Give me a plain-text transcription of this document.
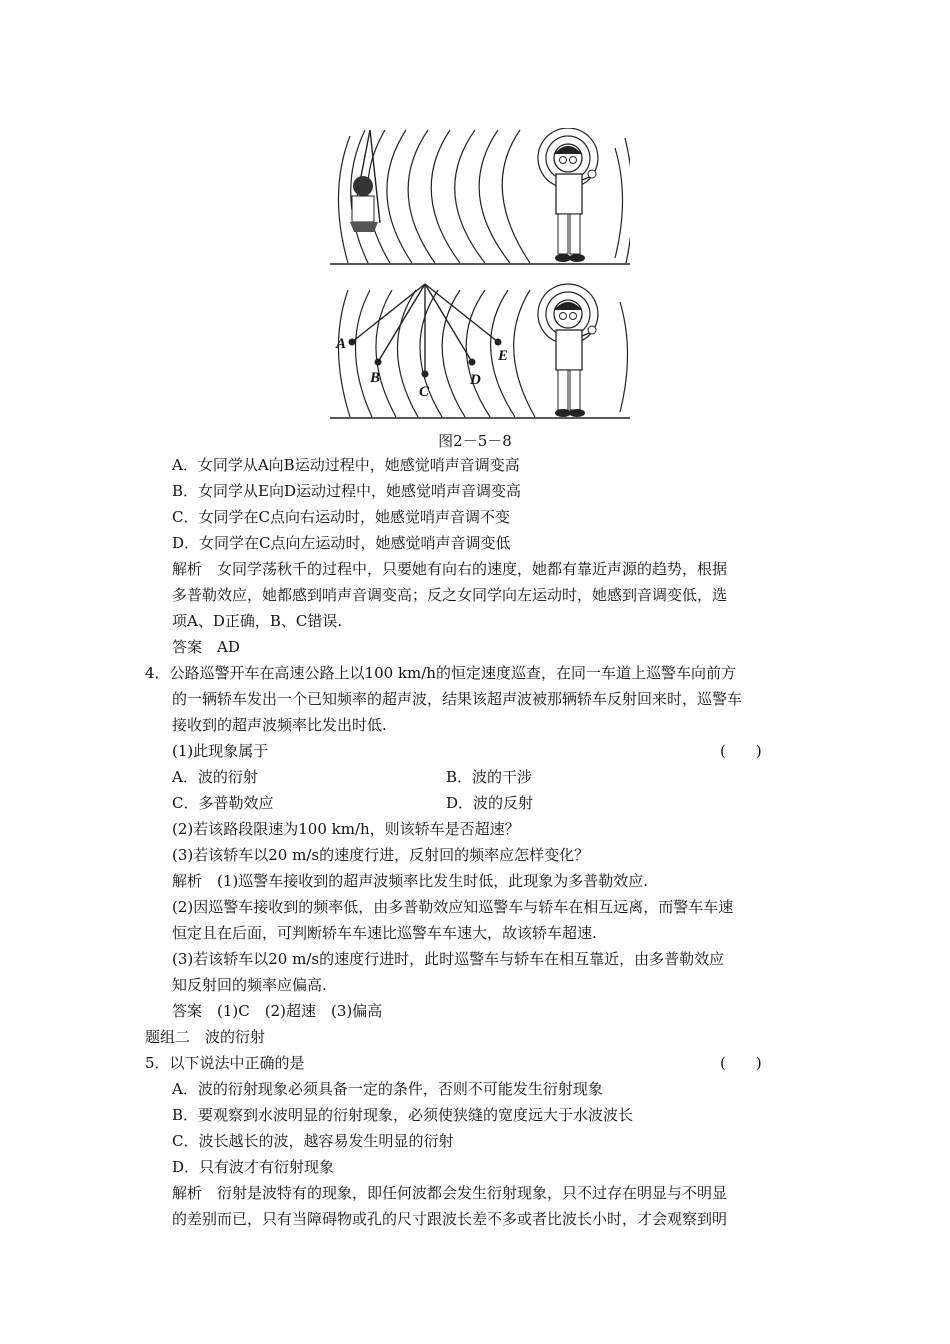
A
B
C
D
E
图2－5－8
A．女同学从A向B运动过程中，她感觉哨声音调变高
B．女同学从E向D运动过程中，她感觉哨声音调变高
C．女同学在C点向右运动时，她感觉哨声音调不变
D．女同学在C点向左运动时，她感觉哨声音调变低
解析　女同学荡秋千的过程中，只要她有向右的速度，她都有靠近声源的趋势，根据
多普勒效应，她都感到哨声音调变高；反之女同学向左运动时，她感到音调变低，选
项A、D正确，B、C错误.
答案　AD
4．公路巡警开车在高速公路上以100 km/h的恒定速度巡查，在同一车道上巡警车向前方
的一辆轿车发出一个已知频率的超声波，结果该超声波被那辆轿车反射回来时，巡警车
接收到的超声波频率比发出时低.
(1)此现象属于	(　　)
A．波的衍射	B．波的干涉
C．多普勒效应	D．波的反射
(2)若该路段限速为100 km/h，则该轿车是否超速？
(3)若该轿车以20 m/s的速度行进，反射回的频率应怎样变化？
解析　(1)巡警车接收到的超声波频率比发生时低，此现象为多普勒效应.
(2)因巡警车接收到的频率低，由多普勒效应知巡警车与轿车在相互远离，而警车车速
恒定且在后面，可判断轿车车速比巡警车车速大，故该轿车超速.
(3)若该轿车以20 m/s的速度行进时，此时巡警车与轿车在相互靠近，由多普勒效应
知反射回的频率应偏高.
答案　(1)C　(2)超速　(3)偏高
题组二　波的衍射
5．以下说法中正确的是	(　　)
A．波的衍射现象必须具备一定的条件，否则不可能发生衍射现象
B．要观察到水波明显的衍射现象，必须使狭缝的宽度远大于水波波长
C．波长越长的波，越容易发生明显的衍射
D．只有波才有衍射现象
解析　衍射是波特有的现象，即任何波都会发生衍射现象，只不过存在明显与不明显
的差别而已，只有当障碍物或孔的尺寸跟波长差不多或者比波长小时，才会观察到明
